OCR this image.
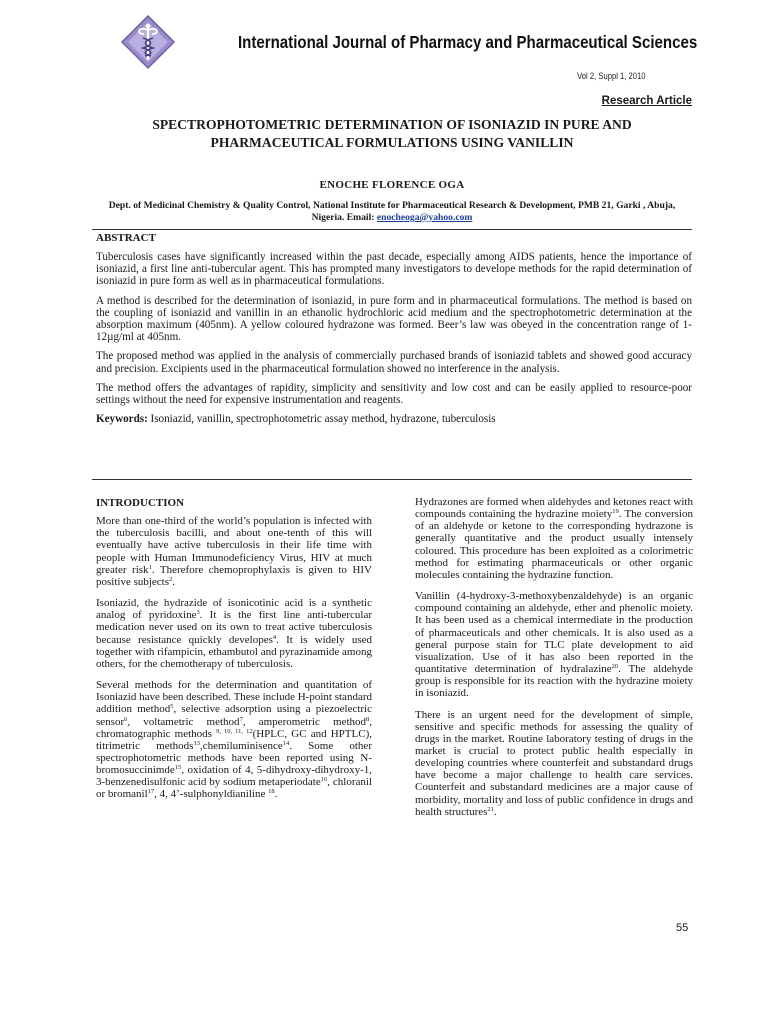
International Journal of Pharmacy and Pharmaceutical Sciences
Vol 2, Suppl 1, 2010
Research Article
SPECTROPHOTOMETRIC DETERMINATION OF ISONIAZID IN PURE AND PHARMACEUTICAL FORMULATIONS USING VANILLIN
ENOCHE FLORENCE OGA
Dept. of Medicinal Chemistry & Quality Control, National Institute for Pharmaceutical Research & Development, PMB 21, Garki , Abuja, Nigeria. Email: enocheoga@yahoo.com
ABSTRACT

Tuberculosis cases have significantly increased within the past decade, especially among AIDS patients, hence the importance of isoniazid, a first line anti-tubercular agent. This has prompted many investigators to develope methods for the rapid determination of isoniazid in pure form as well as in pharmaceutical formulations.

A method is described for the determination of isoniazid, in pure form and in pharmaceutical formulations. The method is based on the coupling of isoniazid and vanillin in an ethanolic hydrochloric acid medium and the spectrophotometric determination at the absorption maximum (405nm). A yellow coloured hydrazone was formed. Beer’s law was obeyed in the concentration range of 1-12µg/ml at 405nm.

The proposed method was applied in the analysis of commercially purchased brands of isoniazid tablets and showed good accuracy and precision. Excipients used in the pharmaceutical formulation showed no interference in the analysis.

The method offers the advantages of rapidity, simplicity and sensitivity and low cost and can be easily applied to resource-poor settings without the need for expensive instrumentation and reagents.

Keywords: Isoniazid, vanillin, spectrophotometric assay method, hydrazone, tuberculosis

INTRODUCTION

More than one-third of the world’s population is infected with the tuberculosis bacilli, and about one-tenth of this will eventually have active tuberculosis in their life time with people with Human Immunodeficiency Virus, HIV at much greater risk$^1$. Therefore chemoprophylaxis is given to HIV positive subjects$^2$.

Isoniazid, the hydrazide of isonicotinic acid is a synthetic analog of pyridoxine$^3$. It is the first line anti-tubercular medication never used on its own to treat active tuberculosis because resistance quickly developes$^4$. It is widely used together with rifampicin, ethambutol and pyrazinamide among others, for the chemotherapy of tuberculosis.

Several methods for the determination and quantitation of Isoniazid have been described. These include H-point standard addition method$^5$, selective adsorption using a piezoelectric sensor$^6$, voltametric method$^7$, amperometric method$^8$, chromatographic methods $^{9, 10, 11, 12}$(HPLC, GC and HPTLC), titrimetric methods$^{13}$,chemiluminisence$^{14}$. Some other spectrophotometric methods have been reported using N-bromosuccinimde$^{15}$, oxidation of 4, 5-dihydroxy-dihydroxy-1, 3-benzenedisulfonic acid by sodium metaperiodate$^{16}$, chloranil or bromanil$^{17}$, 4, 4’-sulphonyldianiline $^{18}$.

Hydrazones are formed when aldehydes and ketones react with compounds containing the hydrazine moiety$^{19}$. The conversion of an aldehyde or ketone to the corresponding hydrazone is generally quantitative and the product usually intensely coloured. This procedure has been exploited as a colorimetric method for estimating pharmaceuticals or other organic molecules containing the hydrazine function.

Vanillin (4-hydroxy-3-methoxybenzaldehyde) is an organic compound containing an aldehyde, ether and phenolic moiety. It has been used as a chemical intermediate in the production of pharmaceuticals and other chemicals. It is also used as a general purpose stain for TLC plate development to aid visualization. Use of it has also been reported in the quantitative determination of hydralazine$^{20}$. The aldehyde group is responsible for its reaction with the hydrazine moiety in isoniazid.

There is an urgent need for the development of simple, sensitive and specific methods for assessing the quality of drugs in the market. Routine laboratory testing of drugs in the market is crucial to protect public health especially in developing countries where counterfeit and substandard drugs have become a major challenge to health care services. Counterfeit and substandard medicines are a major cause of morbidity, mortality and loss of public confidence in drugs and health structures$^{21}$.

55
